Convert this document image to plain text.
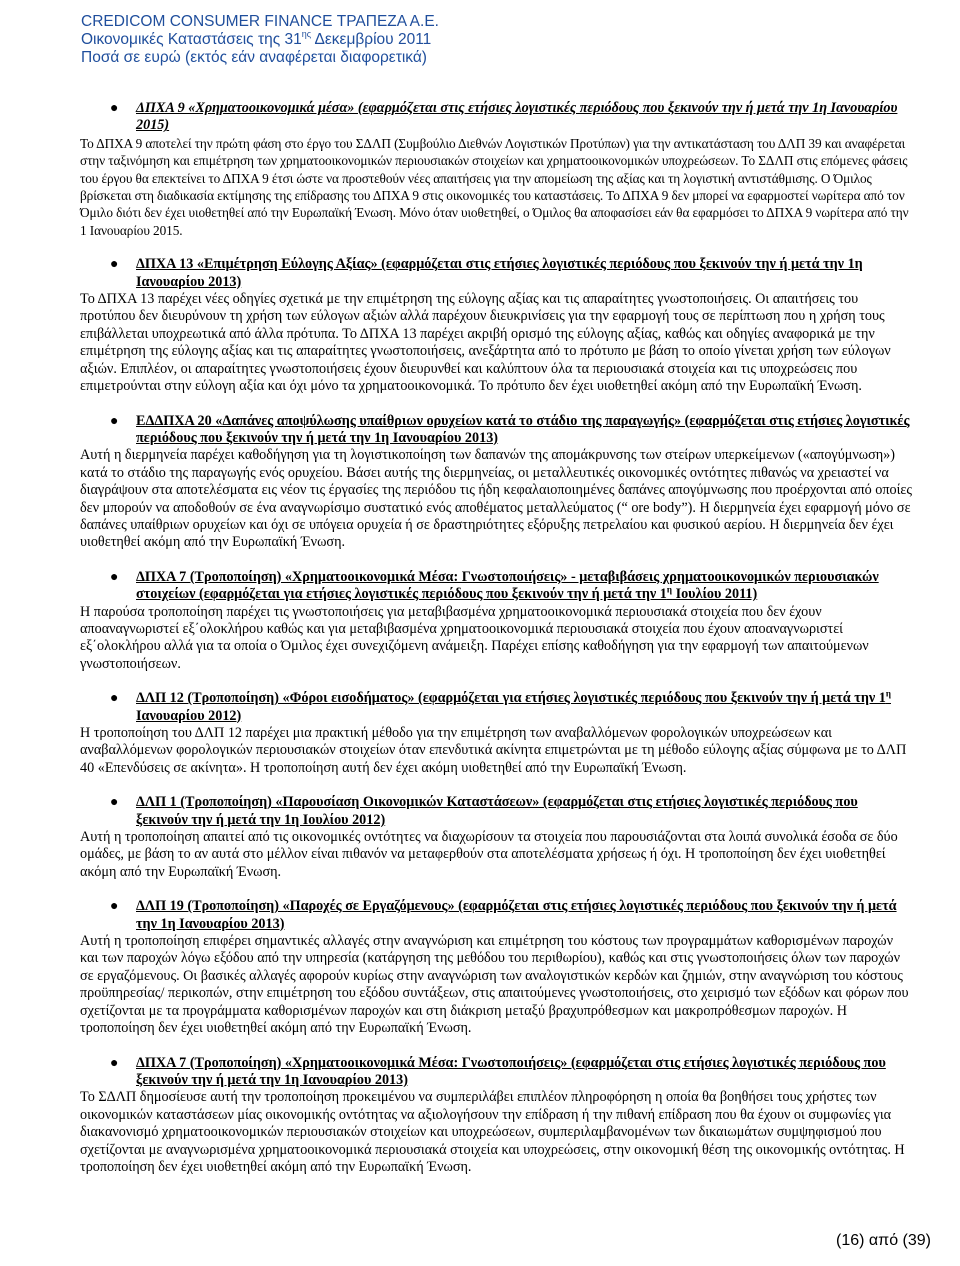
CREDICOM CONSUMER FINANCE ΤΡΑΠΕΖΑ Α.Ε.
Οικονομικές Καταστάσεις της $31^{\eta\varsigma}$ Δεκεμβρίου 2011
Ποσά σε ευρώ (εκτός εάν αναφέρεται διαφορετικά)
● ΔΠΧΑ 9 «Χρηματοοικονομικά μέσα» (εφαρμόζεται στις ετήσιες λογιστικές περιόδους που ξεκινούν την ή μετά την 1η Ιανουαρίου 2015)
Το ΔΠΧΑ 9 αποτελεί την πρώτη φάση στο έργο του ΣΔΛΠ (Συμβούλιο Διεθνών Λογιστικών Προτύπων) για την αντικατάσταση του ΔΛΠ 39 και αναφέρεται στην ταξινόμηση και επιμέτρηση των χρηματοοικονομικών περιουσιακών στοιχείων και χρηματοοικονομικών υποχρεώσεων. Το ΣΔΛΠ στις επόμενες φάσεις του έργου θα επεκτείνει το ΔΠΧΑ 9 έτσι ώστε να προστεθούν νέες απαιτήσεις για την απομείωση της αξίας και τη λογιστική αντιστάθμισης. Ο Όμιλος βρίσκεται στη διαδικασία εκτίμησης της επίδρασης του ΔΠΧΑ 9 στις οικονομικές του καταστάσεις. Το ΔΠΧΑ 9 δεν μπορεί να εφαρμοστεί νωρίτερα από τον Όμιλο διότι δεν έχει υιοθετηθεί από την Ευρωπαϊκή Ένωση. Μόνο όταν υιοθετηθεί, ο Όμιλος θα αποφασίσει εάν θα εφαρμόσει το ΔΠΧΑ 9 νωρίτερα από την 1 Ιανουαρίου 2015.
● ΔΠΧΑ 13 «Επιμέτρηση Εύλογης Αξίας» (εφαρμόζεται στις ετήσιες λογιστικές περιόδους που ξεκινούν την ή μετά την 1η Ιανουαρίου 2013)
Το ΔΠΧΑ 13 παρέχει νέες οδηγίες σχετικά με την επιμέτρηση της εύλογης αξίας και τις απαραίτητες γνωστοποιήσεις. Οι απαιτήσεις του προτύπου δεν διευρύνουν τη χρήση των εύλογων αξιών αλλά παρέχουν διευκρινίσεις για την εφαρμογή τους σε περίπτωση που η χρήση τους επιβάλλεται υποχρεωτικά από άλλα πρότυπα. Το ΔΠΧΑ 13 παρέχει ακριβή ορισμό της εύλογης αξίας, καθώς και οδηγίες αναφορικά με την επιμέτρηση της εύλογης αξίας και τις απαραίτητες γνωστοποιήσεις, ανεξάρτητα από το πρότυπο με βάση το οποίο γίνεται χρήση των εύλογων αξιών. Επιπλέον, οι απαραίτητες γνωστοποιήσεις έχουν διευρυνθεί και καλύπτουν όλα τα περιουσιακά στοιχεία και τις υποχρεώσεις που επιμετρούνται στην εύλογη αξία και όχι μόνο τα χρηματοοικονομικά. Το πρότυπο δεν έχει υιοθετηθεί ακόμη από την Ευρωπαϊκή Ένωση.
● ΕΔΔΠΧΑ 20 «Δαπάνες αποψύλωσης υπαίθριων ορυχείων κατά το στάδιο της παραγωγής» (εφαρμόζεται στις ετήσιες λογιστικές περιόδους που ξεκινούν την ή μετά την 1η Ιανουαρίου 2013)
Αυτή η διερμηνεία παρέχει καθοδήγηση για τη λογιστικοποίηση των δαπανών της απομάκρυνσης των στείρων υπερκείμενων («απογύμνωση») κατά το στάδιο της παραγωγής ενός ορυχείου. Βάσει αυτής της διερμηνείας, οι μεταλλευτικές οικονομικές οντότητες πιθανώς να χρειαστεί να διαγράψουν στα αποτελέσματα εις νέον τις έργασίες της περιόδου τις ήδη κεφαλαιοποιημένες δαπάνες απογύμνωσης που προέρχονται από οποίες δεν μπορούν να αποδοθούν σε ένα αναγνωρίσιμο συστατικό ενός αποθέματος μεταλλεύματος (“ ore body”). Η διερμηνεία έχει εφαρμογή μόνο σε δαπάνες υπαίθριων ορυχείων και όχι σε υπόγεια ορυχεία ή σε δραστηριότητες εξόρυξης πετρελαίου και φυσικού αερίου. Η διερμηνεία δεν έχει υιοθετηθεί ακόμη από την Ευρωπαϊκή Ένωση.
● ΔΠΧΑ 7 (Τροποποίηση) «Χρηματοοικονομικά Μέσα: Γνωστοποιήσεις» - μεταβιβάσεις χρηματοοικονομικών περιουσιακών στοιχείων (εφαρμόζεται για ετήσιες λογιστικές περιόδους που ξεκινούν την ή μετά την $1^\eta$ Ιουλίου 2011)
Η παρούσα τροποποίηση παρέχει τις γνωστοποιήσεις για μεταβιβασμένα χρηματοοικονομικά περιουσιακά στοιχεία που δεν έχουν αποαναγνωριστεί εξ΄ολοκλήρου καθώς και για μεταβιβασμένα χρηματοοικονομικά περιουσιακά στοιχεία που έχουν αποαναγνωριστεί εξ΄ολοκλήρου αλλά για τα οποία ο Όμιλος έχει συνεχιζόμενη ανάμειξη. Παρέχει επίσης καθοδήγηση για την εφαρμογή των απαιτούμενων γνωστοποιήσεων.
● ΔΛΠ 12 (Τροποποίηση) «Φόροι εισοδήματος» (εφαρμόζεται για ετήσιες λογιστικές περιόδους που ξεκινούν την ή μετά την $1^\eta$ Ιανουαρίου 2012)
Η τροποποίηση του ΔΛΠ 12 παρέχει μια πρακτική μέθοδο για την επιμέτρηση των αναβαλλόμενων φορολογικών υποχρεώσεων και αναβαλλόμενων φορολογικών περιουσιακών στοιχείων όταν επενδυτικά ακίνητα επιμετρώνται με τη μέθοδο εύλογης αξίας σύμφωνα με το ΔΛΠ 40 «Επενδύσεις σε ακίνητα». Η τροποποίηση αυτή δεν έχει ακόμη υιοθετηθεί από την Ευρωπαϊκή Ένωση.
● ΔΛΠ 1 (Τροποποίηση) «Παρουσίαση Οικονομικών Καταστάσεων» (εφαρμόζεται στις ετήσιες λογιστικές περιόδους που ξεκινούν την ή μετά την 1η Ιουλίου 2012)
Αυτή η τροποποίηση απαιτεί από τις οικονομικές οντότητες να διαχωρίσουν τα στοιχεία που παρουσιάζονται στα λοιπά συνολικά έσοδα σε δύο ομάδες, με βάση το αν αυτά στο μέλλον είναι πιθανόν να μεταφερθούν στα αποτελέσματα χρήσεως ή όχι. Η τροποποίηση δεν έχει υιοθετηθεί ακόμη από την Ευρωπαϊκή Ένωση.
● ΔΛΠ 19 (Τροποποίηση) «Παροχές σε Εργαζόμενους» (εφαρμόζεται στις ετήσιες λογιστικές περιόδους που ξεκινούν την ή μετά την 1η Ιανουαρίου 2013)
Αυτή η τροποποίηση επιφέρει σημαντικές αλλαγές στην αναγνώριση και επιμέτρηση του κόστους των προγραμμάτων καθορισμένων παροχών και των παροχών λόγω εξόδου από την υπηρεσία (κατάργηση της μεθόδου του περιθωρίου), καθώς και στις γνωστοποιήσεις όλων των παροχών σε εργαζόμενους. Οι βασικές αλλαγές αφορούν κυρίως στην αναγνώριση των αναλογιστικών κερδών και ζημιών, στην αναγνώριση του κόστους προϋπηρεσίας/ περικοπών, στην επιμέτρηση του εξόδου συντάξεων, στις απαιτούμενες γνωστοποιήσεις, στο χειρισμό των εξόδων και φόρων που σχετίζονται με τα προγράμματα καθορισμένων παροχών και στη διάκριση μεταξύ βραχυπρόθεσμων και μακροπρόθεσμων παροχών. Η τροποποίηση δεν έχει υιοθετηθεί ακόμη από την Ευρωπαϊκή Ένωση.
● ΔΠΧΑ 7 (Τροποποίηση) «Χρηματοοικονομικά Μέσα: Γνωστοποιήσεις» (εφαρμόζεται στις ετήσιες λογιστικές περιόδους που ξεκινούν την ή μετά την 1η Ιανουαρίου 2013)
Το ΣΔΛΠ δημοσίευσε αυτή την τροποποίηση προκειμένου να συμπεριλάβει επιπλέον πληροφόρηση η οποία θα βοηθήσει τους χρήστες των οικονομικών καταστάσεων μίας οικονομικής οντότητας να αξιολογήσουν την επίδραση ή την πιθανή επίδραση που θα έχουν οι συμφωνίες για διακανονισμό χρηματοοικονομικών περιουσιακών στοιχείων και υποχρεώσεων, συμπεριλαμβανομένων των δικαιωμάτων συμψηφισμού που σχετίζονται με αναγνωρισμένα χρηματοοικονομικά περιουσιακά στοιχεία και υποχρεώσεις, στην οικονομική θέση της οικονομικής οντότητας. Η τροποποίηση δεν έχει υιοθετηθεί ακόμη από την Ευρωπαϊκή Ένωση.
(16) από (39)
